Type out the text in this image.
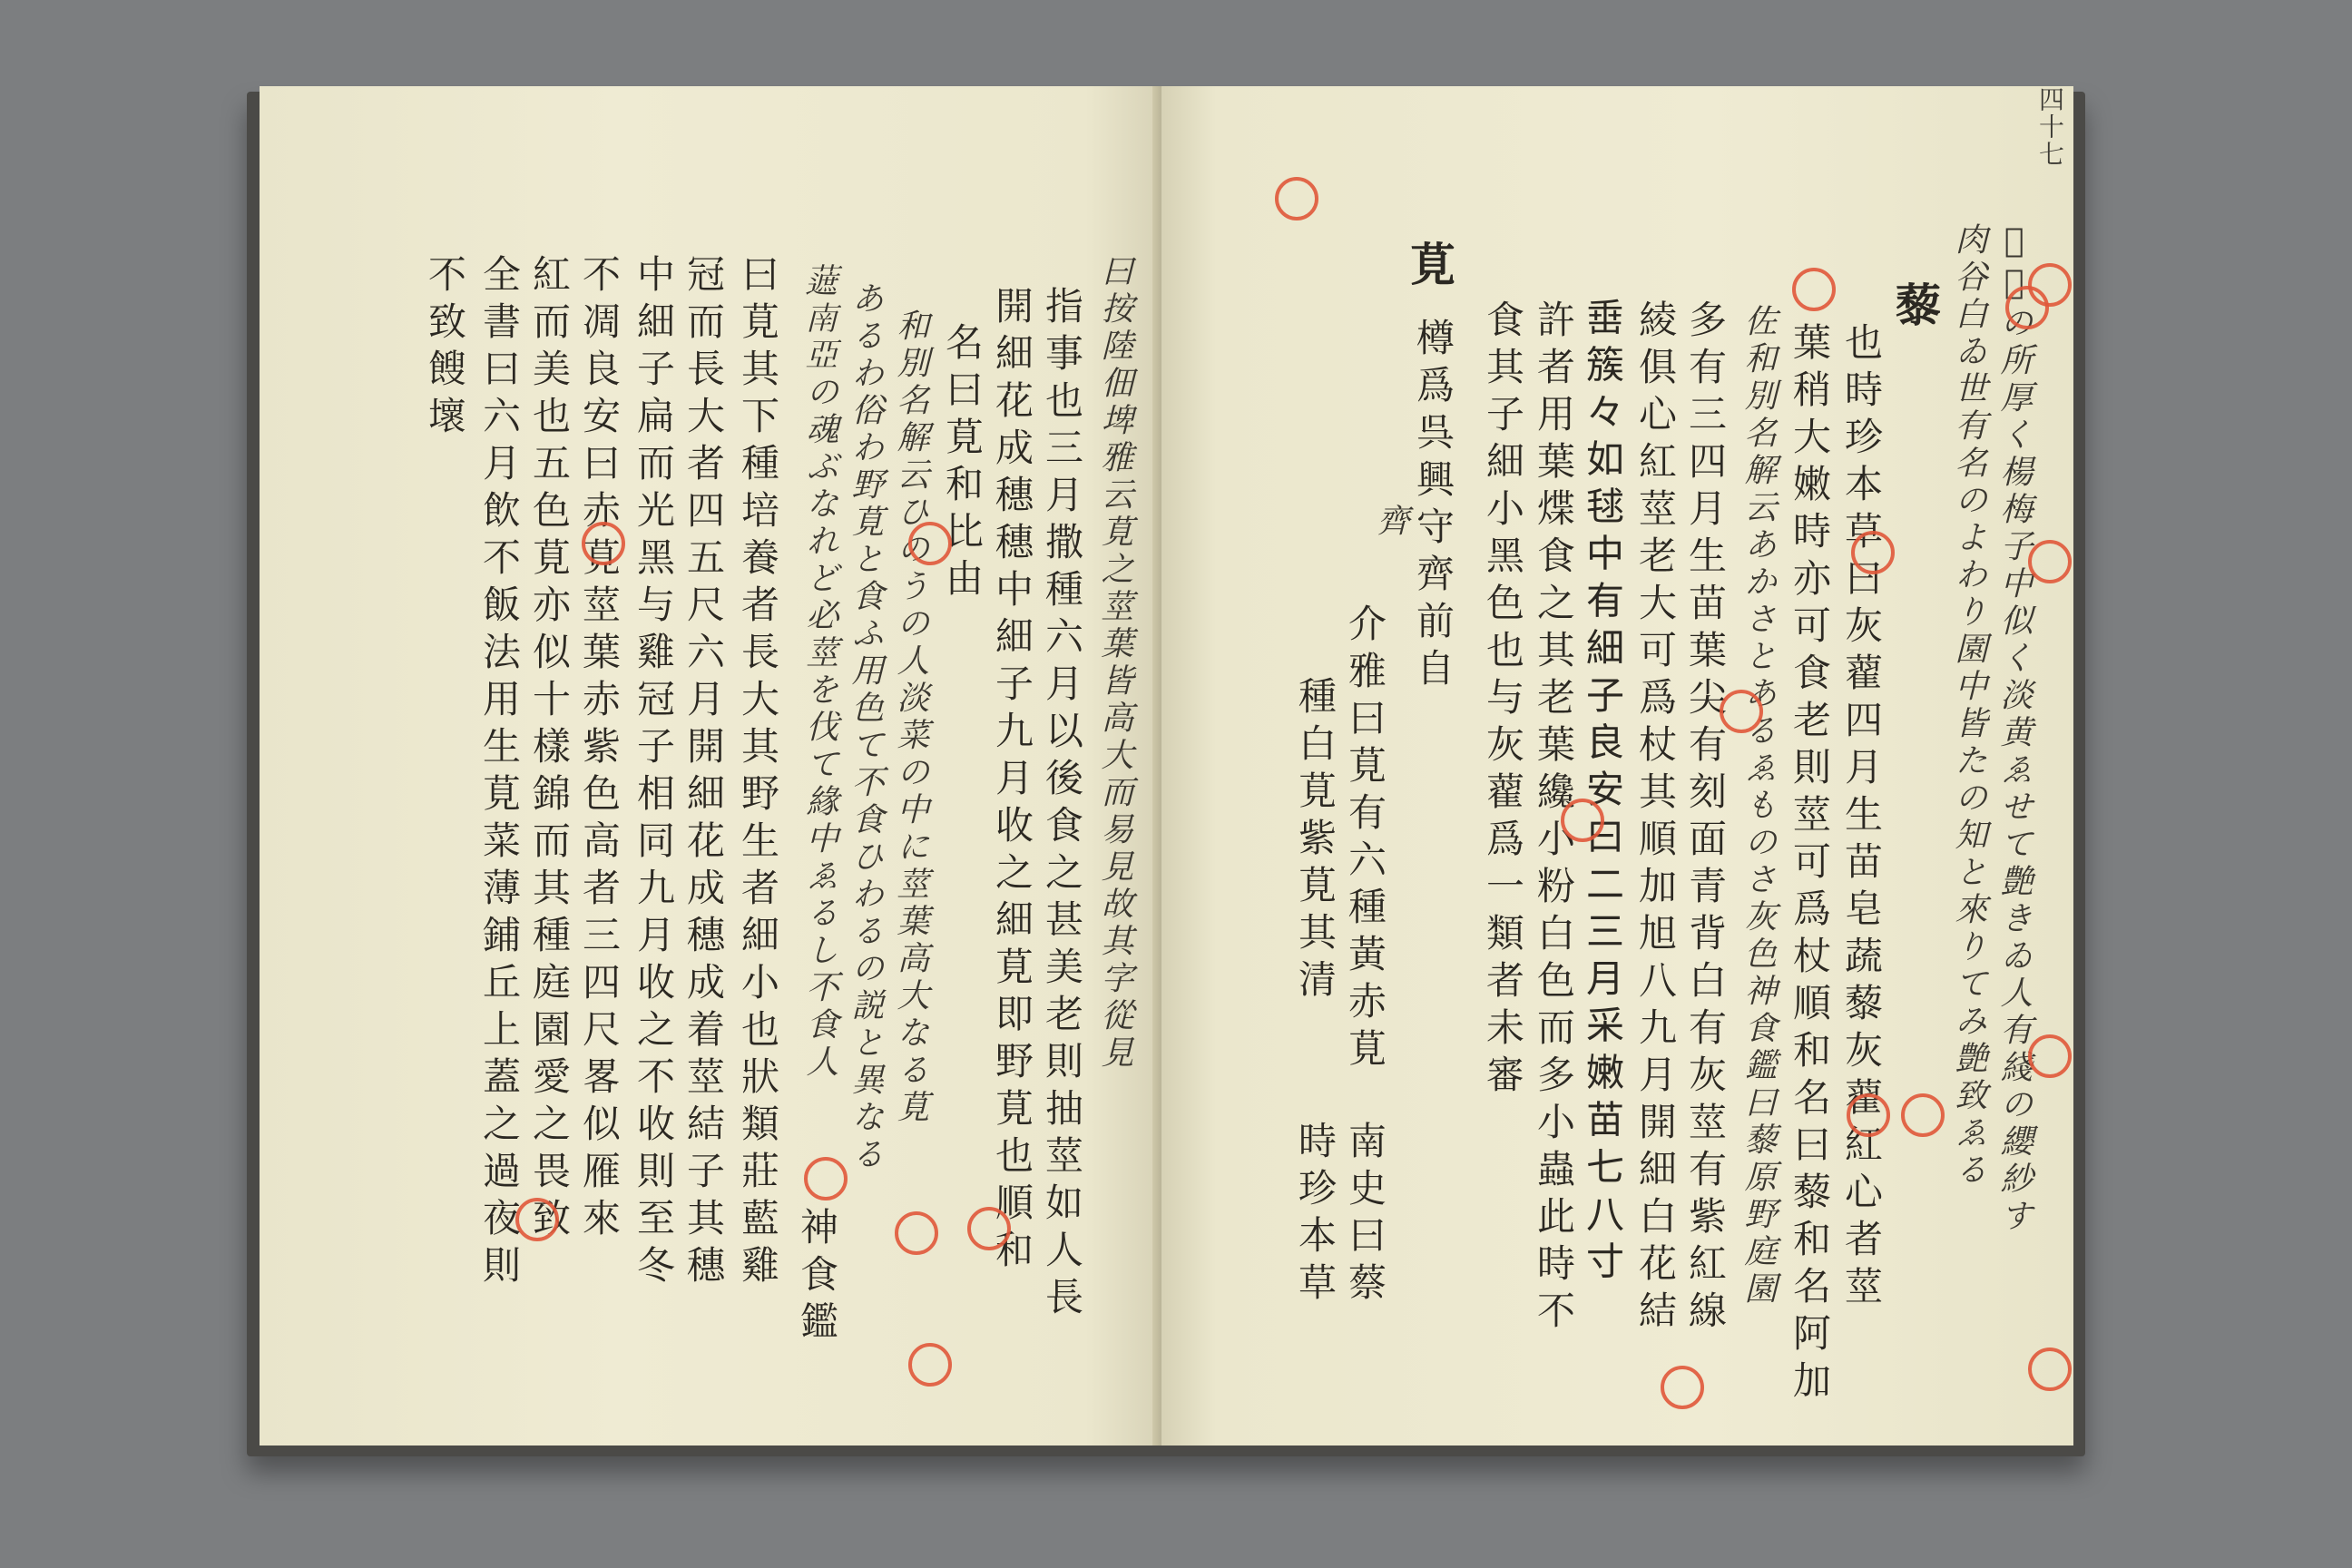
曰按陸佃埤雅云莧之莖葉皆高大而易見故其字從見
指事也三月撒種六月以後食之甚美老則抽莖如人長
開細花成穗穗中細子九月收之細莧即野莧也順和
名曰莧和比由
和別名解云ひのうの人淡菜の中に莖葉高大なる莧
あるわ俗わ野莧と食ふ用色て不食ひわるの説と異なる
𧀹南亞の魂ぶなれど必莖を伐て緣中ゑるし不食人
神食鑑
曰莧其下種培養者長大其野生者細小也狀類莊藍雞
冠而長大者四五尺六月開細花成穗成着莖結子其穗
中細子扁而光黑与雞冠子相同九月收之不收則至冬
不凋良安曰赤莧莖葉赤紫色高者三四尺畧似雁來
紅而美也五色莧亦似十樣錦而其種庭園愛之畏致
全書曰六月飲不飯法用生莧菜薄鋪丘上蓋之過夜則
不致餿壞
四十七
𧀟色の所厚く楊梅子中似く淡黄ゑせて艶きゐ人有綫の纓紗す
肉谷白ゐ世有名のよわり園中皆たの知と來りてみ艶致ゑる
藜
也時珍本草曰灰藋四月生苗皂蔬藜灰藋紅心者莖
葉稍大嫩時亦可食老則莖可爲杖順和名曰藜和名阿加
佐和別名解云あかさとあるゑものさ灰色神食鑑曰藜原野庭園
多有三四月生苗葉尖有刻面青背白有灰莖有紫紅線
綾俱心紅莖老大可爲杖其順加旭八九月開細白花結
𡸁簇々如毬中有細子良安曰二三月采嫩苗七八寸
許者用葉煠食之其老葉纔小粉白色而多小蟲此時不
食其子細小黑色也与灰藋爲一類者未審
莧
樽爲呉興守齊前自
齊
介雅曰莧有六種黃赤莧
種白莧紫莧其清
南史曰蔡
時珍本草
